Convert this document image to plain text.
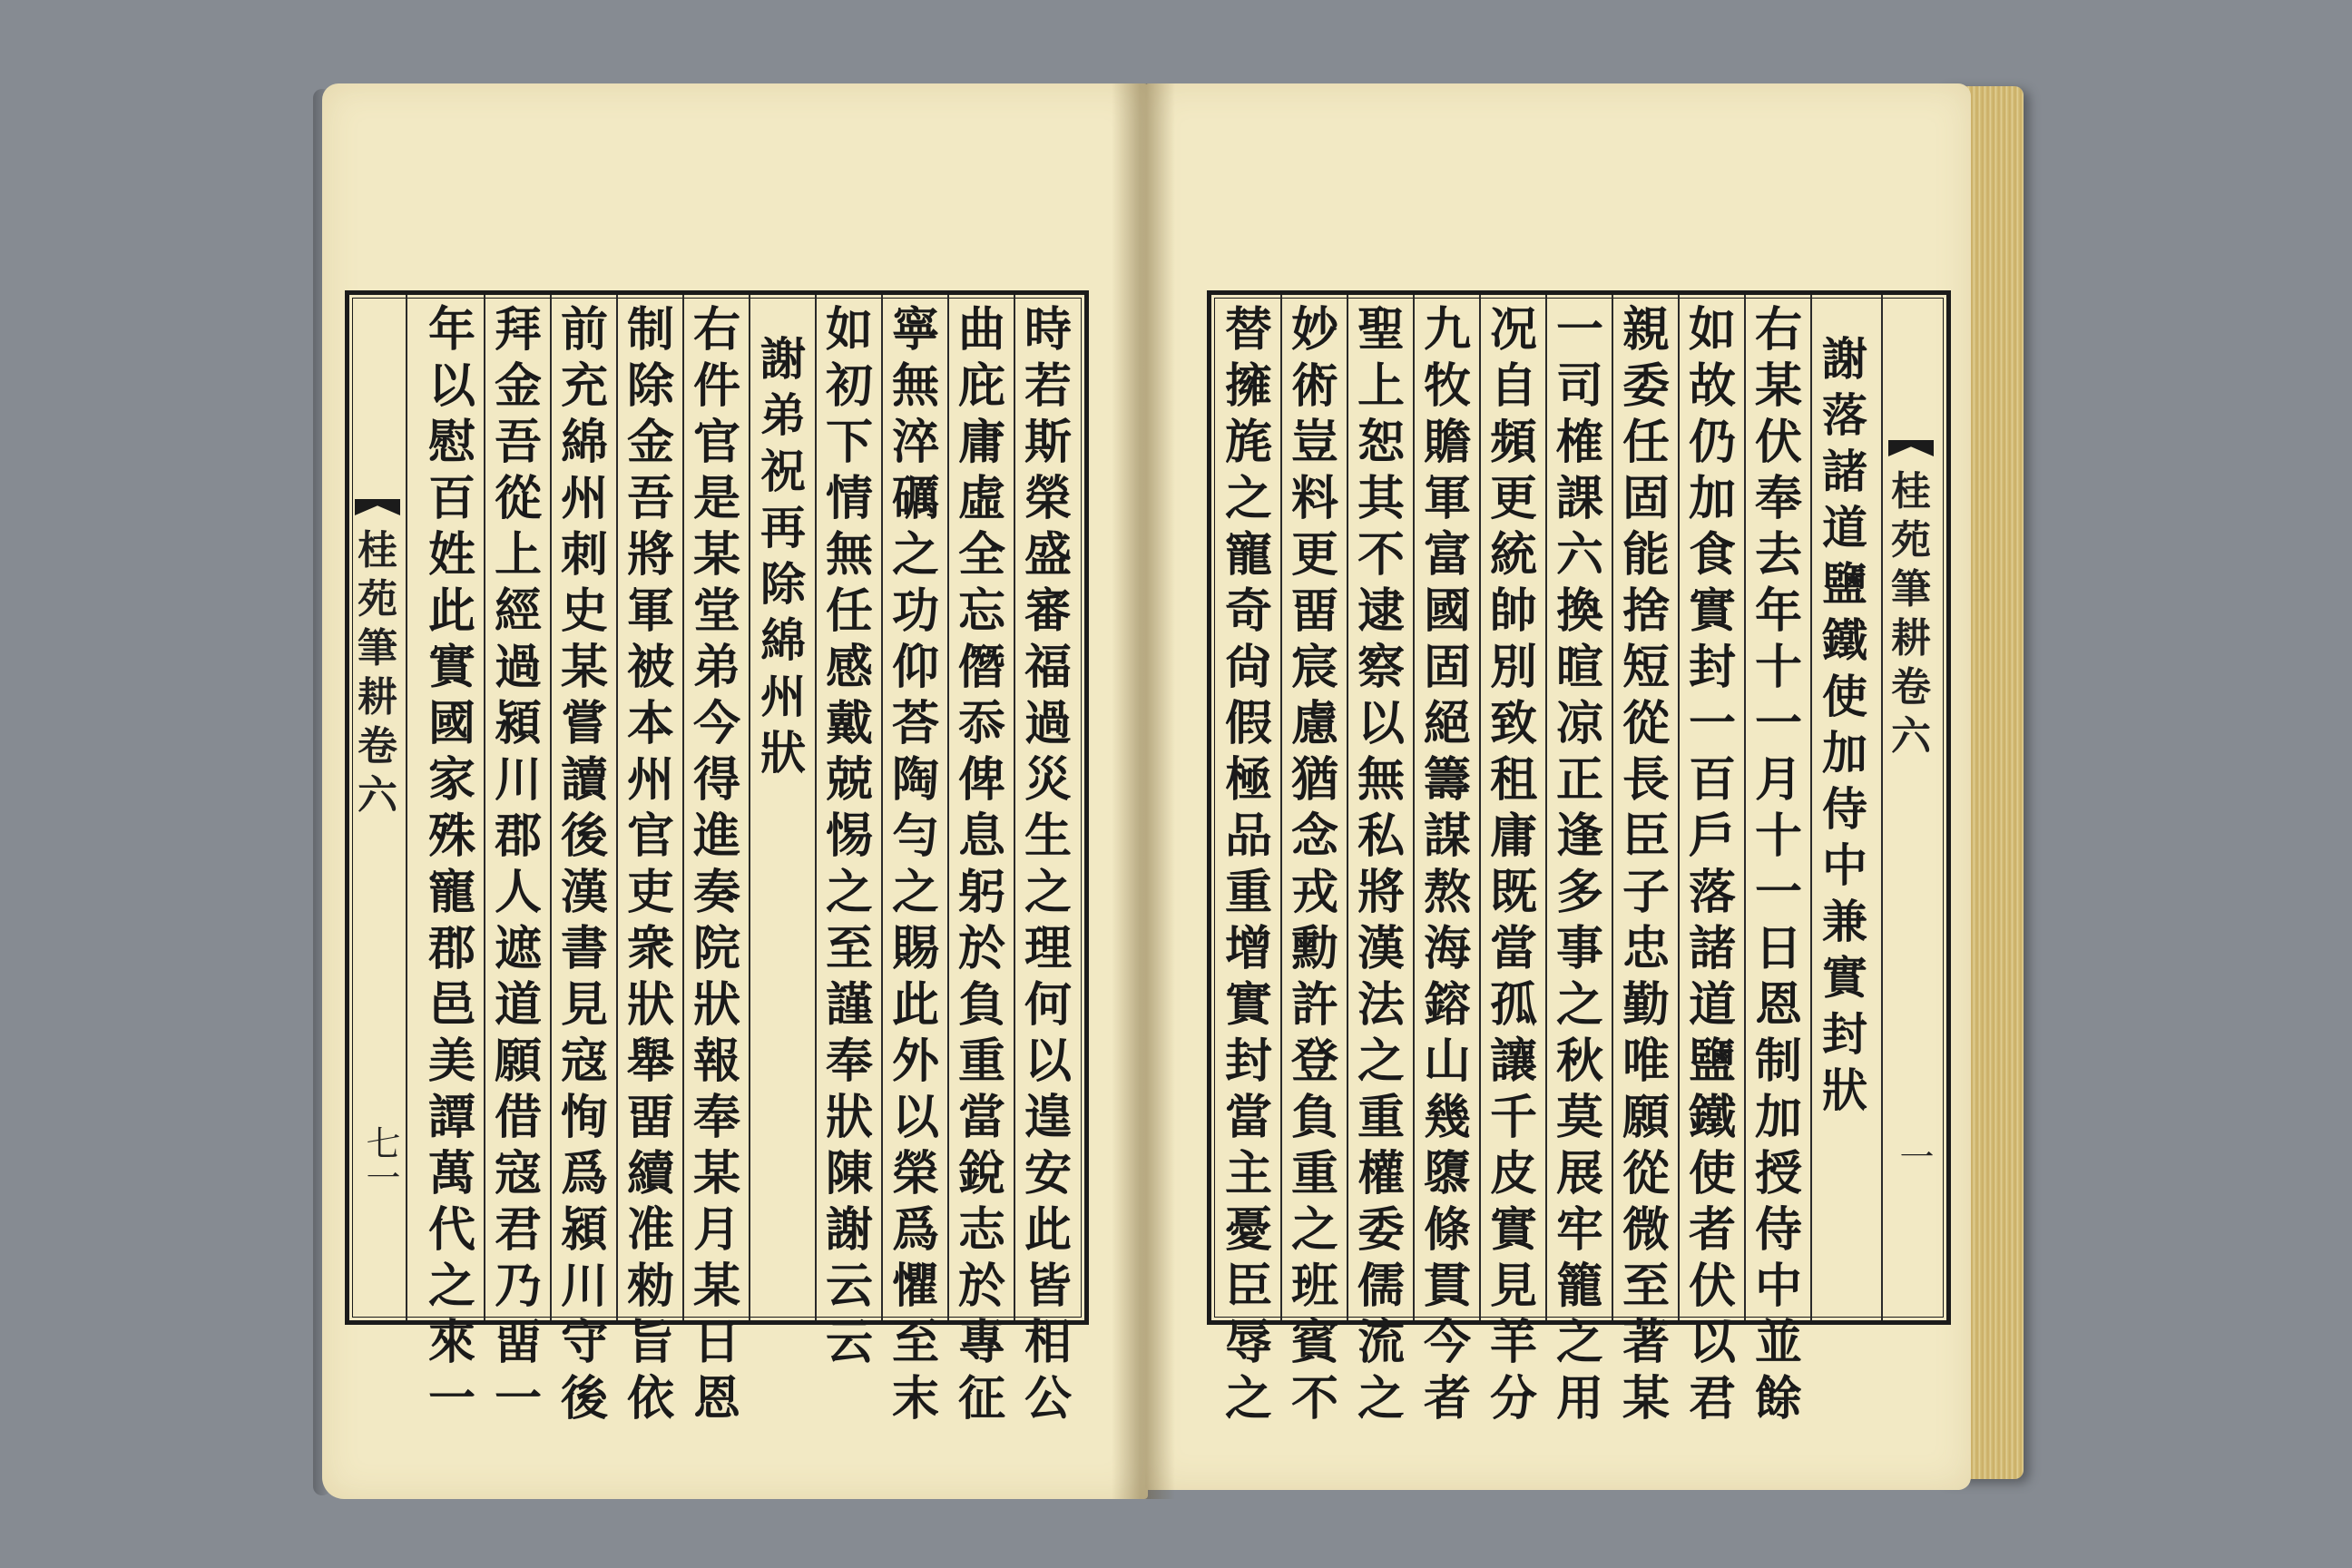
桂
苑
筆
耕
卷
六
七一
時
若
斯
榮
盛
審
福
過
災
生
之
理
何
以
遑
安
此
皆
相
公
曲
庇
庸
虛
全
忘
僭
忝
俾
息
躬
於
負
重
當
銳
志
於
專
征
寧
無
淬
礪
之
功
仰
荅
陶
勻
之
賜
此
外
以
榮
爲
懼
至
末
如
初
下
情
無
任
感
戴
兢
惕
之
至
謹
奉
狀
陳
謝
云
云
謝
弟
祝
再
除
綿
州
狀
右
件
官
是
某
堂
弟
今
得
進
奏
院
狀
報
奉
某
月
某
日
恩
制
除
金
吾
將
軍
被
本
州
官
吏
衆
狀
舉
畱
續
准
勑
旨
依
前
充
綿
州
刺
史
某
嘗
讀
後
漢
書
見
寇
恂
爲
潁
川
守
後
拜
金
吾
從
上
經
過
潁
川
郡
人
遮
道
願
借
寇
君
乃
畱
一
年
以
慰
百
姓
此
實
國
家
殊
寵
郡
邑
美
譚
萬
代
之
來
一
桂
苑
筆
耕
卷
六
一
謝
落
諸
道
鹽
鐵
使
加
侍
中
兼
實
封
狀
右
某
伏
奉
去
年
十
一
月
十
一
日
恩
制
加
授
侍
中
並
餘
如
故
仍
加
食
實
封
一
百
戶
落
諸
道
鹽
鐵
使
者
伏
以
君
親
委
任
固
能
捨
短
從
長
臣
子
忠
勤
唯
願
從
微
至
著
某
一
司
榷
課
六
換
暄
凉
正
逢
多
事
之
秋
莫
展
牢
籠
之
用
况
自
頻
更
統
帥
別
致
租
庸
既
當
孤
讓
千
皮
實
見
羊
分
九
牧
贍
軍
富
國
固
絕
籌
謀
熬
海
鎔
山
幾
隳
條
貫
今
者
聖
上
恕
其
不
逮
察
以
無
私
將
漢
法
之
重
權
委
儒
流
之
妙
術
豈
料
更
畱
宸
慮
猶
念
戎
勳
許
登
負
重
之
班
賓
不
替
擁
旄
之
寵
奇
尙
假
極
品
重
增
實
封
當
主
憂
臣
辱
之
